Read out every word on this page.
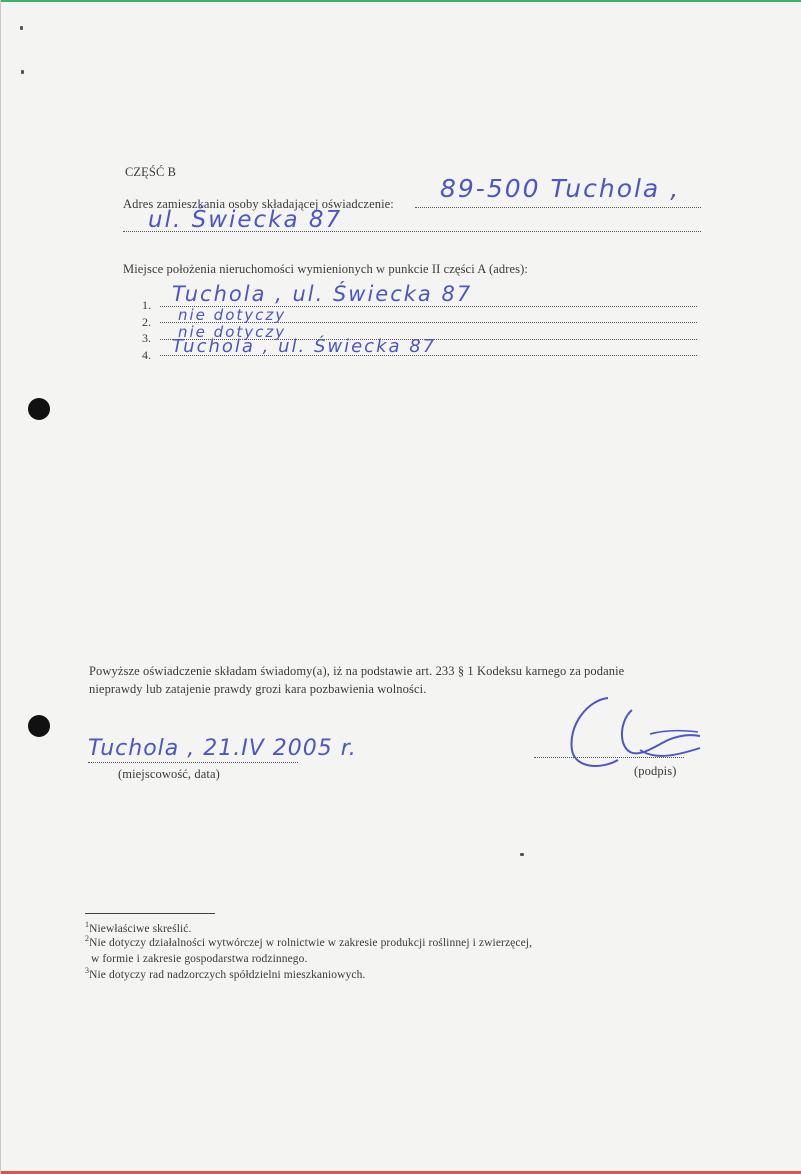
CZĘŚĆ B
Adres zamieszkania osoby składającej oświadczenie:
89-500 Tuchola ,
ul. Świecka 87
Miejsce położenia nieruchomości wymienionych w punkcie II części A (adres):
1. Tuchola , ul. Świecka 87
2. nie dotyczy
3. nie dotyczy
4. Tuchola , ul. Świecka 87
Powyższe oświadczenie składam świadomy(a), iż na podstawie art. 233 § 1 Kodeksu karnego za podanie
nieprawdy lub zatajenie prawdy grozi kara pozbawienia wolności.
Tuchola , 21.IV 2005 r.
(miejscowość, data)	(podpis)
$^1$Niewłaściwe skreślić.
$^2$Nie dotyczy działalności wytwórczej w rolnictwie w zakresie produkcji roślinnej i zwierzęcej,
w formie i zakresie gospodarstwa rodzinnego.
$^3$Nie dotyczy rad nadzorczych spółdzielni mieszkaniowych.
